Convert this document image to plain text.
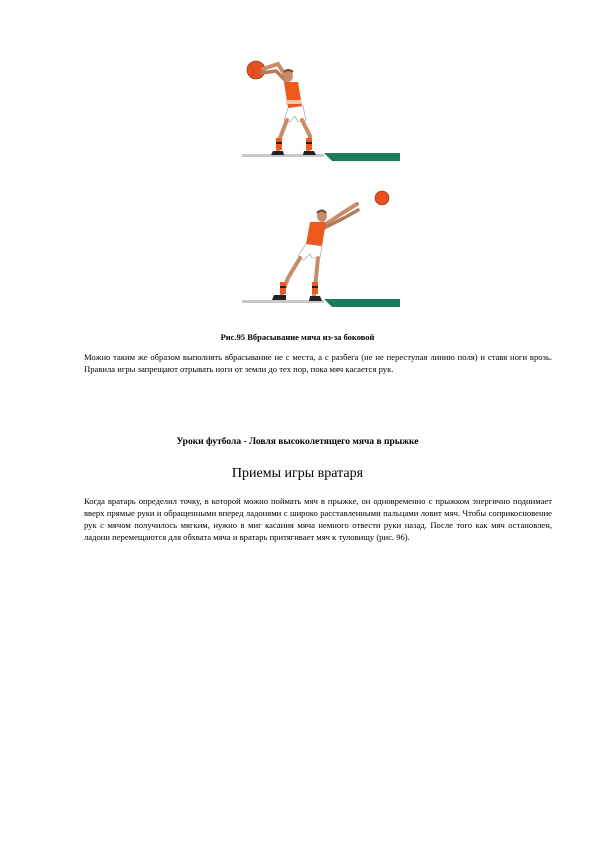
Рис.95 Вбрасывание мяча из-за боковой
Можно таким же образом выполнять вбрасывание не с места, а с разбега (не не переступая линию поля) и ставя ноги врозь. Правила игры запрещают отрывать ноги от земли до тех пор, пока мяч касается рук.
Уроки футбола - Ловля высоколетящего мяча в прыжке
Приемы игры вратаря
Когда вратарь определил точку, в которой можно поймать мяч в прыжке, он одновременно с прыжком энергично поднимает вверх прямые руки и обращенными вперед ладонями с широко расставленными пальцами ловит мяч. Чтобы соприкосновение рук с мячом получилось мягким, нужно в миг касания мяча немного отвести руки назад. После того как мяч остановлен, ладони перемещаются для обхвата мяча и вратарь притягивает мяч к туловищу (рис. 96).
